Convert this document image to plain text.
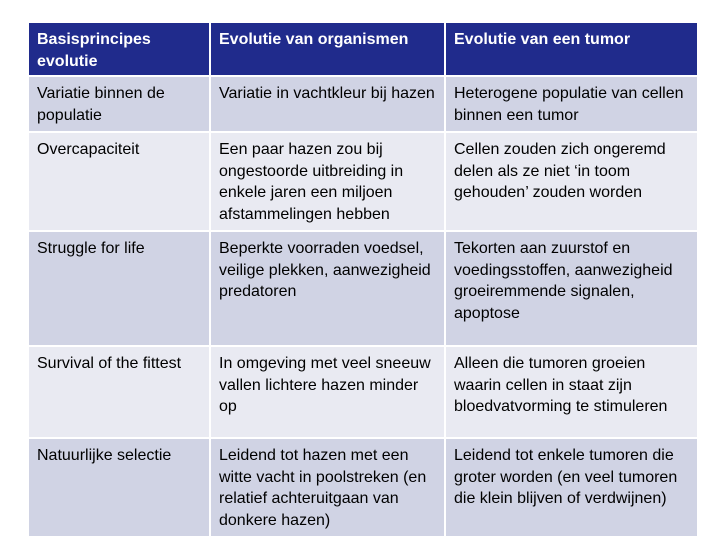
Basisprincipes evolutie	Evolutie van organismen	Evolutie van een tumor
Variatie binnen de populatie	Variatie in vachtkleur bij hazen	Heterogene populatie van cellen binnen een tumor
Overcapaciteit	Een paar hazen zou bij ongestoorde uitbreiding in enkele jaren een miljoen afstammelingen hebben	Cellen zouden zich ongeremd delen als ze niet ‘in toom gehouden’ zouden worden
Struggle for life	Beperkte voorraden voedsel, veilige plekken, aanwezigheid predatoren	Tekorten aan zuurstof en voedingsstoffen, aanwezigheid groeiremmende signalen, apoptose
Survival of the fittest	In omgeving met veel sneeuw vallen lichtere hazen minder op	Alleen die tumoren groeien waarin cellen in staat zijn bloedvatvorming te stimuleren
Natuurlijke selectie	Leidend tot hazen met een witte vacht in poolstreken (en relatief achteruitgaan van donkere hazen)	Leidend tot enkele tumoren die groter worden (en veel tumoren die klein blijven of verdwijnen)
